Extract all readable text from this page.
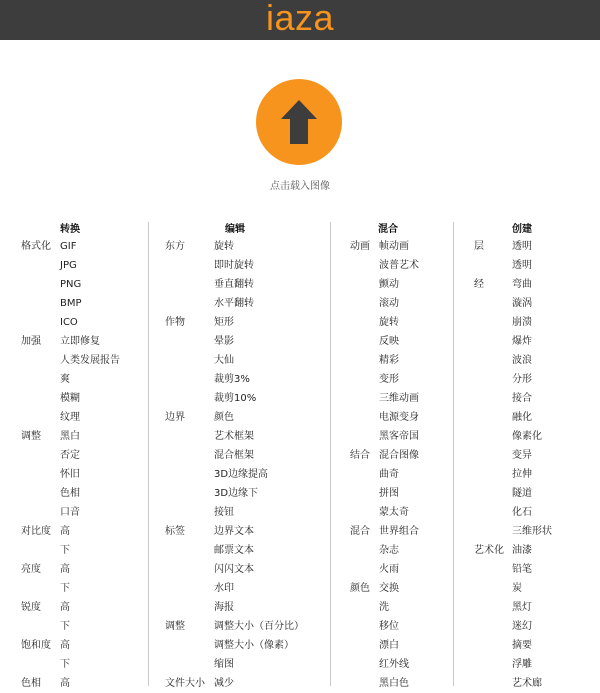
iaza
点击载入图像
转换
格式化 GIF
JPG
PNG
BMP
ICO
加强 立即修复
人类发展报告
爽
模糊
纹理
调整 黑白
否定
怀旧
色相
口音
对比度 高
下
亮度 高
下
锐度 高
下
饱和度 高
下
色相 高
编辑
东方	旋转
即时旋转
垂直翻转
水平翻转
作物	矩形
晕影
大仙
裁剪3%
裁剪10%
边界	颜色
艺术框架
混合框架
3D边缘提高
3D边缘下
接钮
标签	边界文本
邮票文本
闪闪文本
水印
海报
调整	调整大小（百分比）
调整大小（像素）
缩图
文件大小 减少
混合
动画 帧动画
波普艺术
颤动
滚动
旋转
反映
精彩
变形
三维动画
电源变身
黑客帝国
结合 混合图像
曲奇
拼图
蒙太奇
混合 世界组合
杂志
火雨
颜色 交换
洗
移位
漂白
红外线
黑白色
创建
层	透明
透明
经	弯曲
漩涡
崩溃
爆炸
波浪
分形
接合
融化
像素化
变异
拉伸
隧道
化石
三维形状
艺术化 油漆
铅笔
炭
黑灯
迷幻
摘要
浮雕
艺术廊
